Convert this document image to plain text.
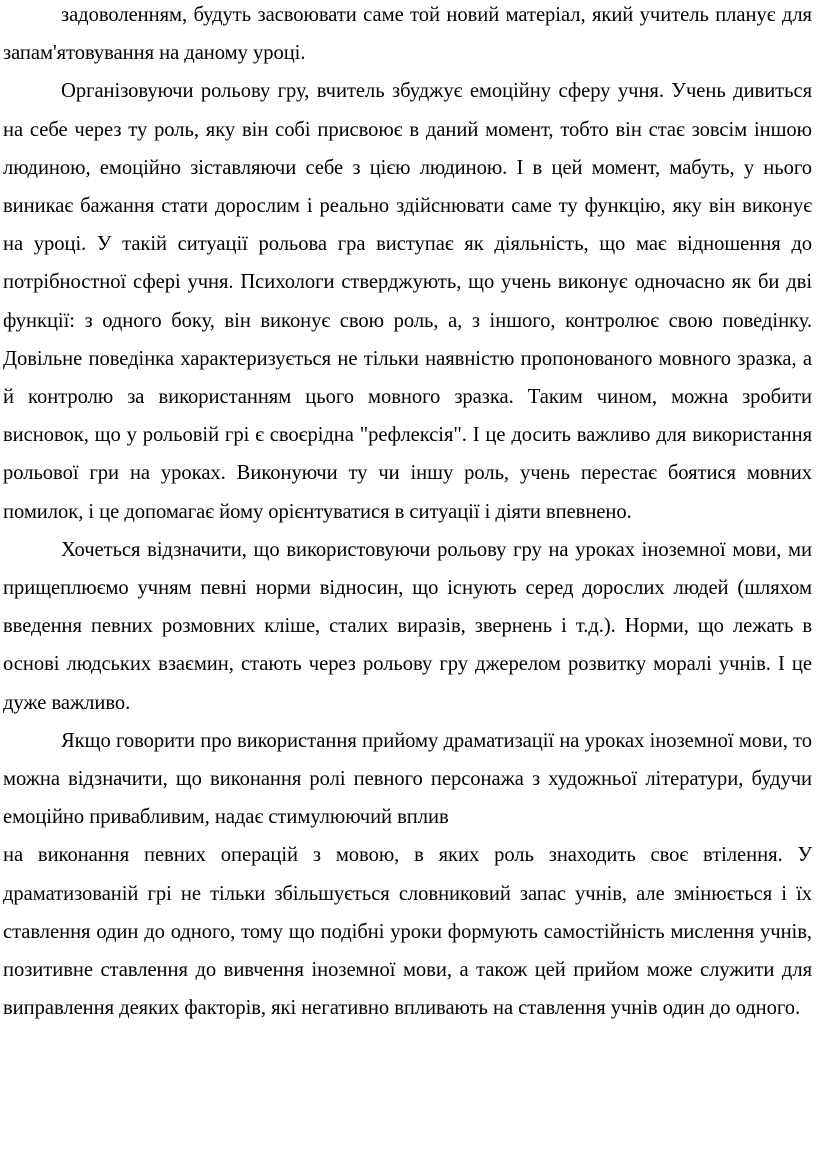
задоволенням, будуть засвоювати саме той новий матеріал, який учитель планує для запам'ятовування на даному уроці.

Організовуючи рольову гру, вчитель збуджує емоційну сферу учня. Учень дивиться на себе через ту роль, яку він собі присвоює в даний момент, тобто він стає зовсім іншою людиною, емоційно зіставляючи себе з цією людиною. І в цей момент, мабуть, у нього виникає бажання стати дорослим і реально здійснювати саме ту функцію, яку він виконує на уроці. У такій ситуації рольова гра виступає як діяльність, що має відношення до потрібностної сфері учня. Психологи стверджують, що учень виконує одночасно як би дві функції: з одного боку, він виконує свою роль, а, з іншого, контролює свою поведінку. Довільне поведінка характеризується не тільки наявністю пропонованого мовного зразка, а й контролю за використанням цього мовного зразка. Таким чином, можна зробити висновок, що у рольовій грі є своєрідна "рефлексія". І це досить важливо для використання рольової гри на уроках. Виконуючи ту чи іншу роль, учень перестає боятися мовних помилок, і це допомагає йому орієнтуватися в ситуації і діяти впевнено.

Хочеться відзначити, що використовуючи рольову гру на уроках іноземної мови, ми прищеплюємо учням певні норми відносин, що існують серед дорослих людей (шляхом введення певних розмовних кліше, сталих виразів, звернень і т.д.). Норми, що лежать в основі людських взаємин, стають через рольову гру джерелом розвитку моралі учнів. І це дуже важливо.

Якщо говорити про використання прийому драматизації на уроках іноземної мови, то можна відзначити, що виконання ролі певного персонажа з художньої літератури, будучи емоційно привабливим, надає стимулюючий вплив

на виконання певних операцій з мовою, в яких роль знаходить своє втілення. У драматизованій грі не тільки збільшується словниковий запас учнів, але змінюється і їх ставлення один до одного, тому що подібні уроки формують самостійність мислення учнів, позитивне ставлення до вивчення іноземної мови, а також цей прийом може служити для виправлення деяких факторів, які негативно впливають на ставлення учнів один до одного.
